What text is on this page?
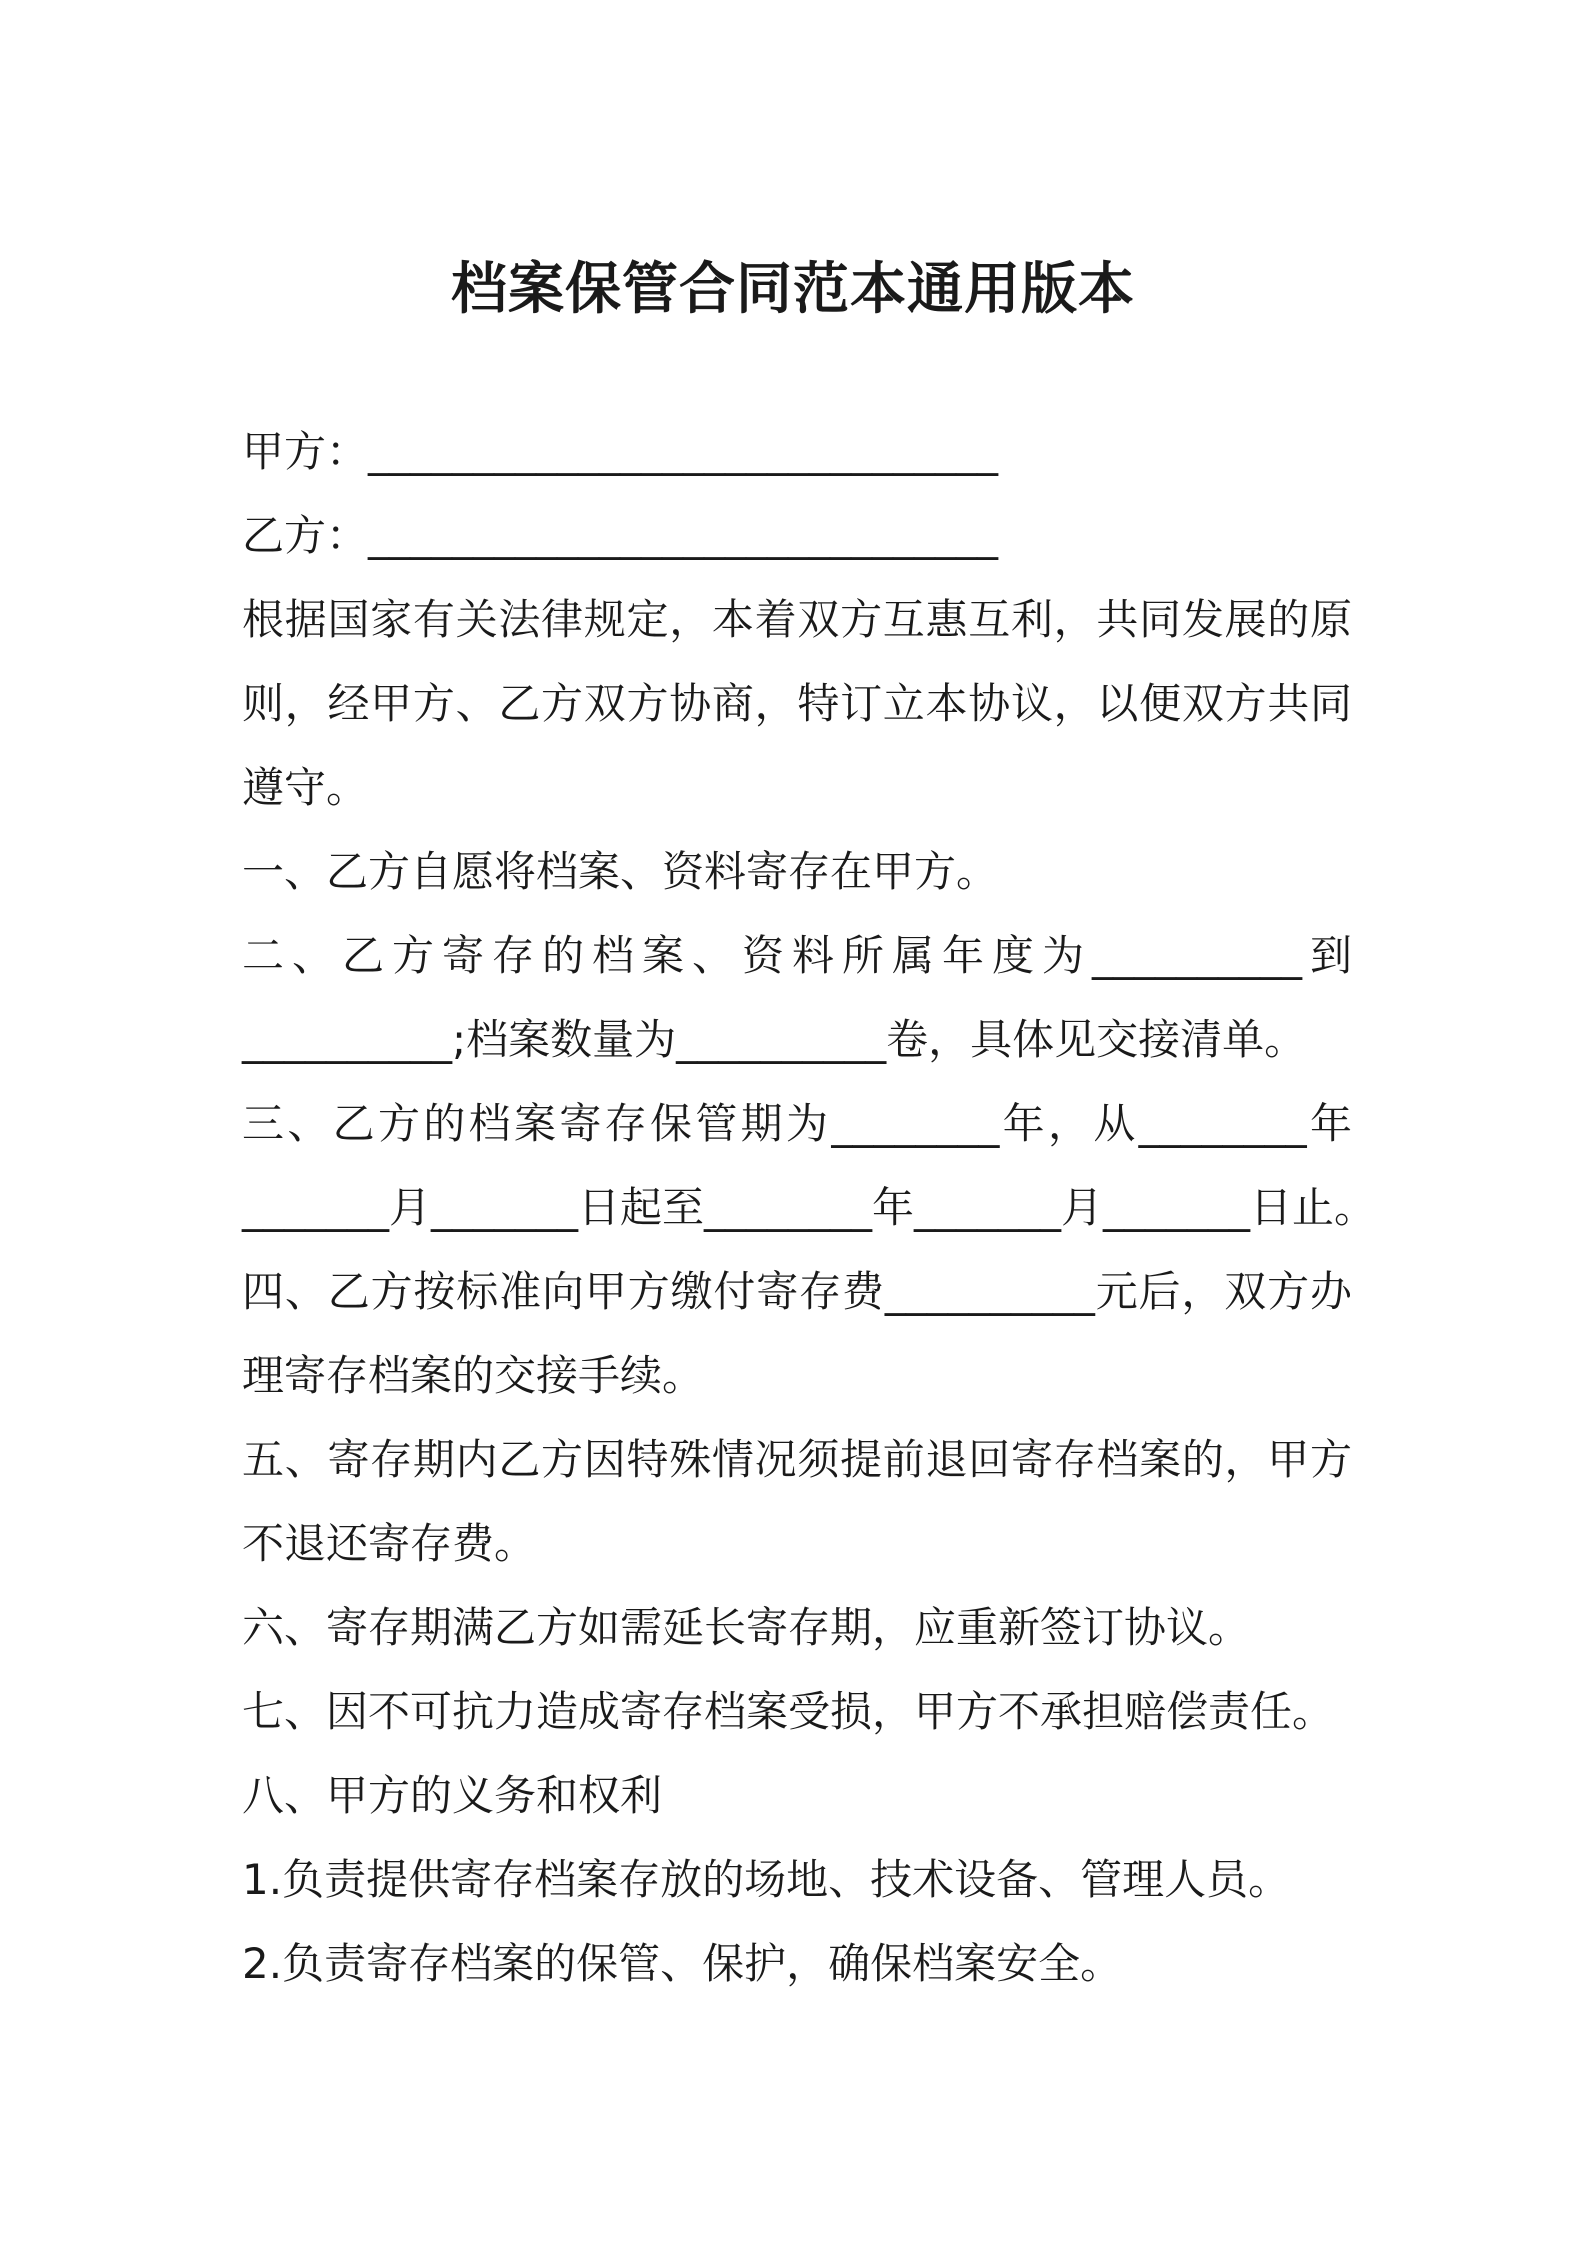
档案保管合同范本通用版本
甲方：______________________________
乙方：______________________________
根据国家有关法律规定，本着双方互惠互利，共同发展的原
则，经甲方、乙方双方协商，特订立本协议，以便双方共同
遵守。
一、乙方自愿将档案、资料寄存在甲方。
二、乙方寄存的档案、资料所属年度为__________到
__________;档案数量为__________卷，具体见交接清单。
三、乙方的档案寄存保管期为________年，从________年
_______月_______日起至________年_______月_______日止。
四、乙方按标准向甲方缴付寄存费__________元后，双方办
理寄存档案的交接手续。
五、寄存期内乙方因特殊情况须提前退回寄存档案的，甲方
不退还寄存费。
六、寄存期满乙方如需延长寄存期，应重新签订协议。
七、因不可抗力造成寄存档案受损，甲方不承担赔偿责任。
八、甲方的义务和权利
1.负责提供寄存档案存放的场地、技术设备、管理人员。
2.负责寄存档案的保管、保护，确保档案安全。
